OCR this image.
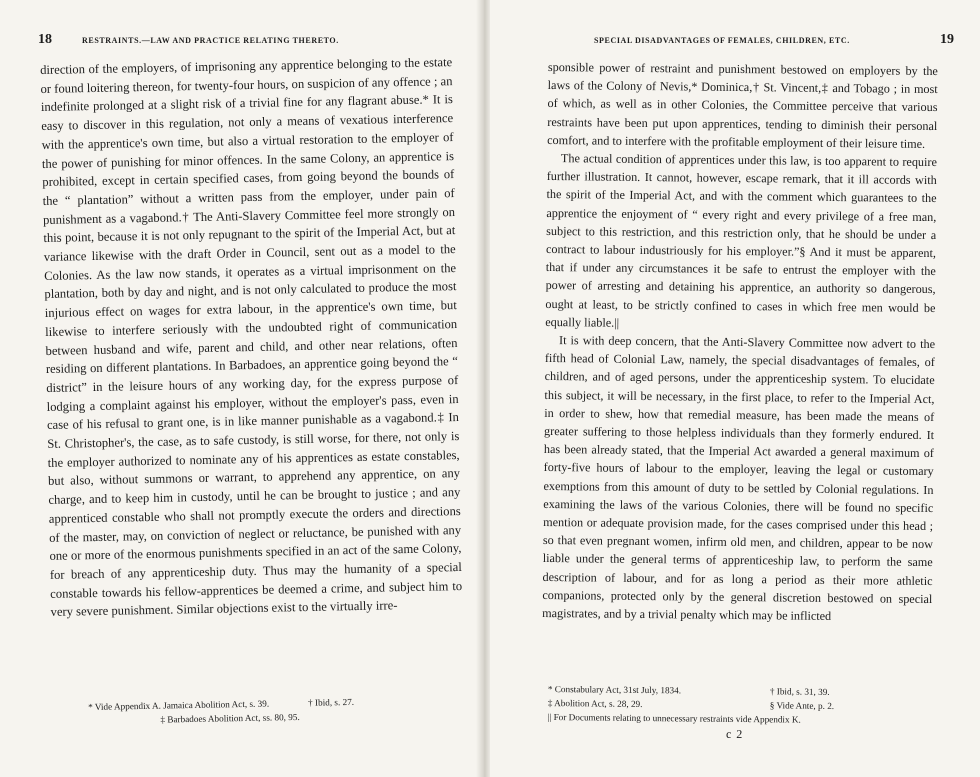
18	RESTRAINTS.—LAW AND PRACTICE RELATING THERETO.

direction of the employers, of imprisoning any apprentice belonging to the estate or found loitering thereon, for twenty-four hours, on suspicion of any offence ; an indefinite prolonged at a slight risk of a trivial fine for any flagrant abuse.* It is easy to discover in this regulation, not only a means of vexatious interference with the apprentice's own time, but also a virtual restoration to the employer of the power of punishing for minor offences. In the same Colony, an apprentice is prohibited, except in certain specified cases, from going beyond the bounds of the “ plantation” without a written pass from the employer, under pain of punishment as a vagabond.† The Anti-Slavery Committee feel more strongly on this point, because it is not only repugnant to the spirit of the Imperial Act, but at variance likewise with the draft Order in Council, sent out as a model to the Colonies. As the law now stands, it operates as a virtual imprisonment on the plantation, both by day and night, and is not only calculated to produce the most injurious effect on wages for extra labour, in the apprentice's own time, but likewise to interfere seriously with the undoubted right of communication between husband and wife, parent and child, and other near relations, often residing on different plantations. In Barbadoes, an apprentice going beyond the “ district” in the leisure hours of any working day, for the express purpose of lodging a complaint against his employer, without the employer's pass, even in case of his refusal to grant one, is in like manner punishable as a vagabond.‡ In St. Christopher's, the case, as to safe custody, is still worse, for there, not only is the employer authorized to nominate any of his apprentices as estate constables, but also, without summons or warrant, to apprehend any apprentice, on any charge, and to keep him in custody, until he can be brought to justice ; and any apprenticed constable who shall not promptly execute the orders and directions of the master, may, on conviction of neglect or reluctance, be punished with any one or more of the enormous punishments specified in an act of the same Colony, for breach of any apprenticeship duty. Thus may the humanity of a special constable towards his fellow-apprentices be deemed a crime, and subject him to very severe punishment. Similar objections exist to the virtually irre-

* Vide Appendix A. Jamaica Abolition Act, s. 39.	† Ibid, s. 27.
‡ Barbadoes Abolition Act, ss. 80, 95.
SPECIAL DISADVANTAGES OF FEMALES, CHILDREN, ETC.	19

sponsible power of restraint and punishment bestowed on employers by the laws of the Colony of Nevis,* Dominica,† St. Vincent,‡ and Tobago ; in most of which, as well as in other Colonies, the Committee perceive that various restraints have been put upon apprentices, tending to diminish their personal comfort, and to interfere with the profitable employment of their leisure time.

The actual condition of apprentices under this law, is too apparent to require further illustration. It cannot, however, escape remark, that it ill accords with the spirit of the Imperial Act, and with the comment which guarantees to the apprentice the enjoyment of “ every right and every privilege of a free man, subject to this restriction, and this restriction only, that he should be under a contract to labour industriously for his employer.”§ And it must be apparent, that if under any circumstances it be safe to entrust the employer with the power of arresting and detaining his apprentice, an authority so dangerous, ought at least, to be strictly confined to cases in which free men would be equally liable.||

It is with deep concern, that the Anti-Slavery Committee now advert to the fifth head of Colonial Law, namely, the special disadvantages of females, of children, and of aged persons, under the apprenticeship system. To elucidate this subject, it will be necessary, in the first place, to refer to the Imperial Act, in order to shew, how that remedial measure, has been made the means of greater suffering to those helpless individuals than they formerly endured. It has been already stated, that the Imperial Act awarded a general maximum of forty-five hours of labour to the employer, leaving the legal or customary exemptions from this amount of duty to be settled by Colonial regulations. In examining the laws of the various Colonies, there will be found no specific mention or adequate provision made, for the cases comprised under this head ; so that even pregnant women, infirm old men, and children, appear to be now liable under the general terms of apprenticeship law, to perform the same description of labour, and for as long a period as their more athletic companions, protected only by the general discretion bestowed on special magistrates, and by a trivial penalty which may be inflicted

* Constabulary Act, 31st July, 1834.	† Ibid, s. 31, 39.
‡ Abolition Act, s. 28, 29.	§ Vide Ante, p. 2.
|| For Documents relating to unnecessary restraints vide Appendix K.
c 2
